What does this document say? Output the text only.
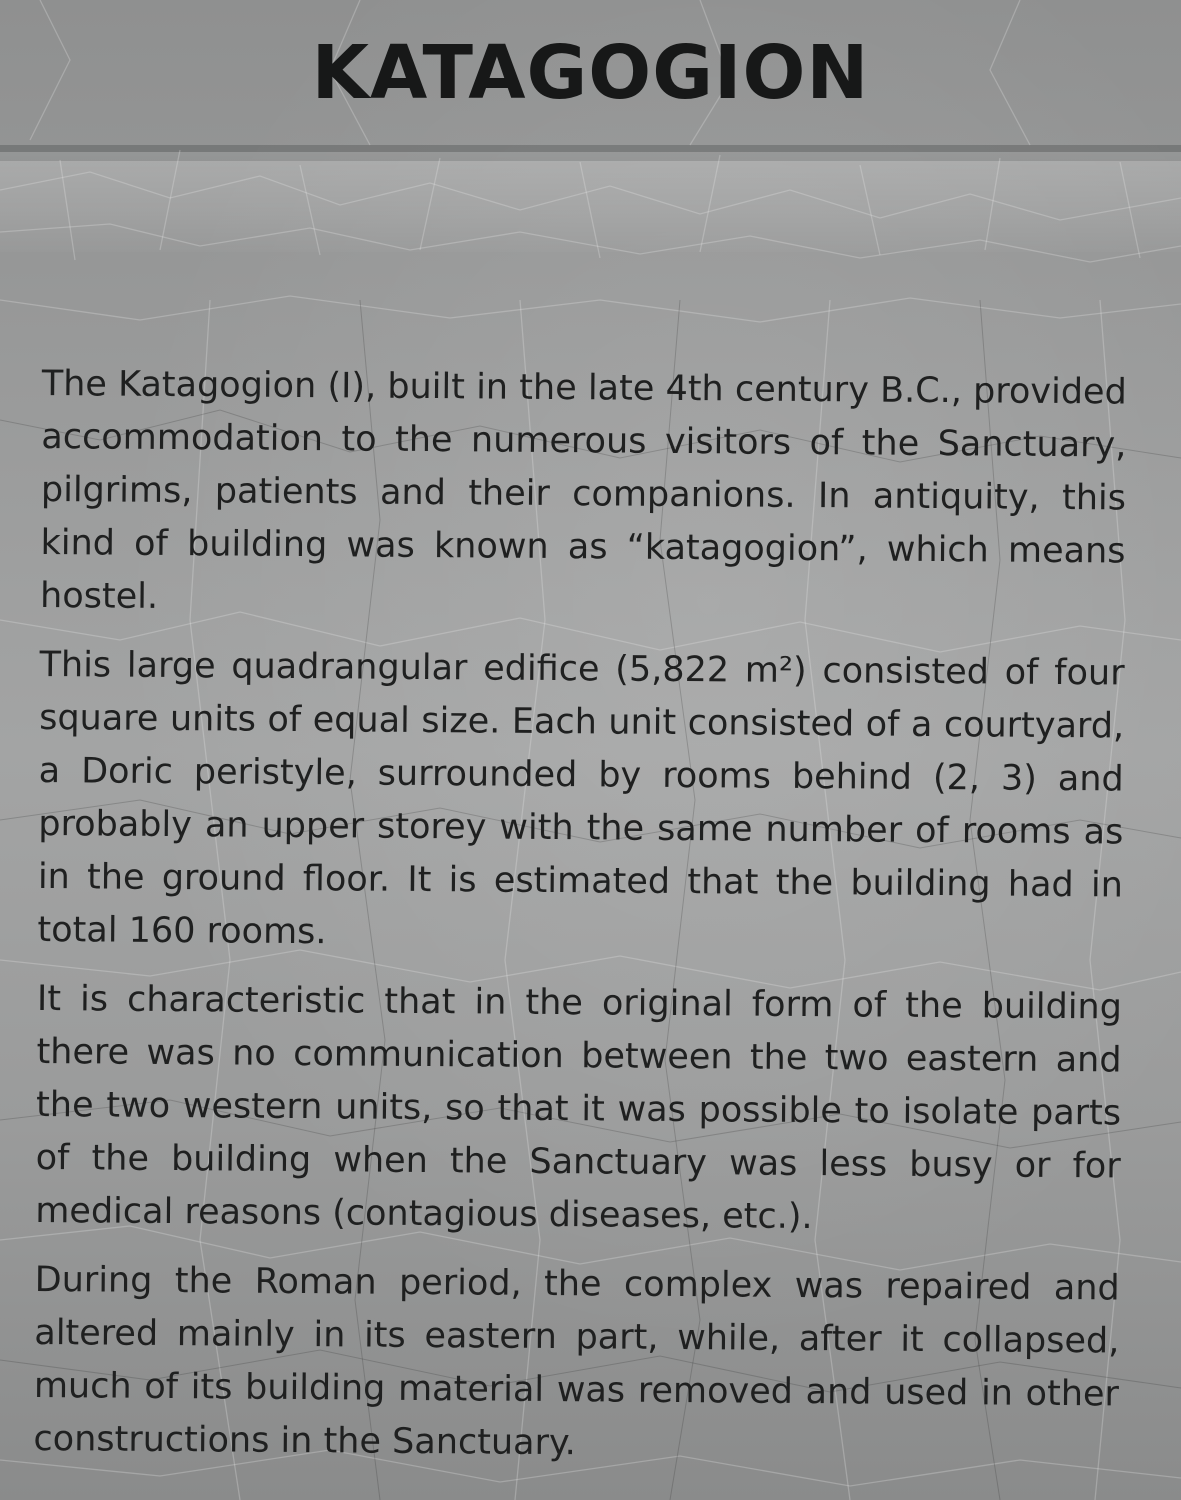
KATAGOGION

The Katagogion (I), built in the late 4th century B.C., provided accommodation to the numerous visitors of the Sanctuary, pilgrims, patients and their companions. In antiquity, this kind of building was known as “katagogion”, which means hostel.

This large quadrangular edifice (5,822 m²) consisted of four square units of equal size. Each unit consisted of a courtyard, a Doric peristyle, surrounded by rooms behind (2, 3) and probably an upper storey with the same number of rooms as in the ground floor. It is estimated that the building had in total 160 rooms.

It is characteristic that in the original form of the building there was no communication between the two eastern and the two western units, so that it was possible to isolate parts of the building when the Sanctuary was less busy or for medical reasons (contagious diseases, etc.).

During the Roman period, the complex was repaired and altered mainly in its eastern part, while, after it collapsed, much of its building material was removed and used in other constructions in the Sanctuary.
